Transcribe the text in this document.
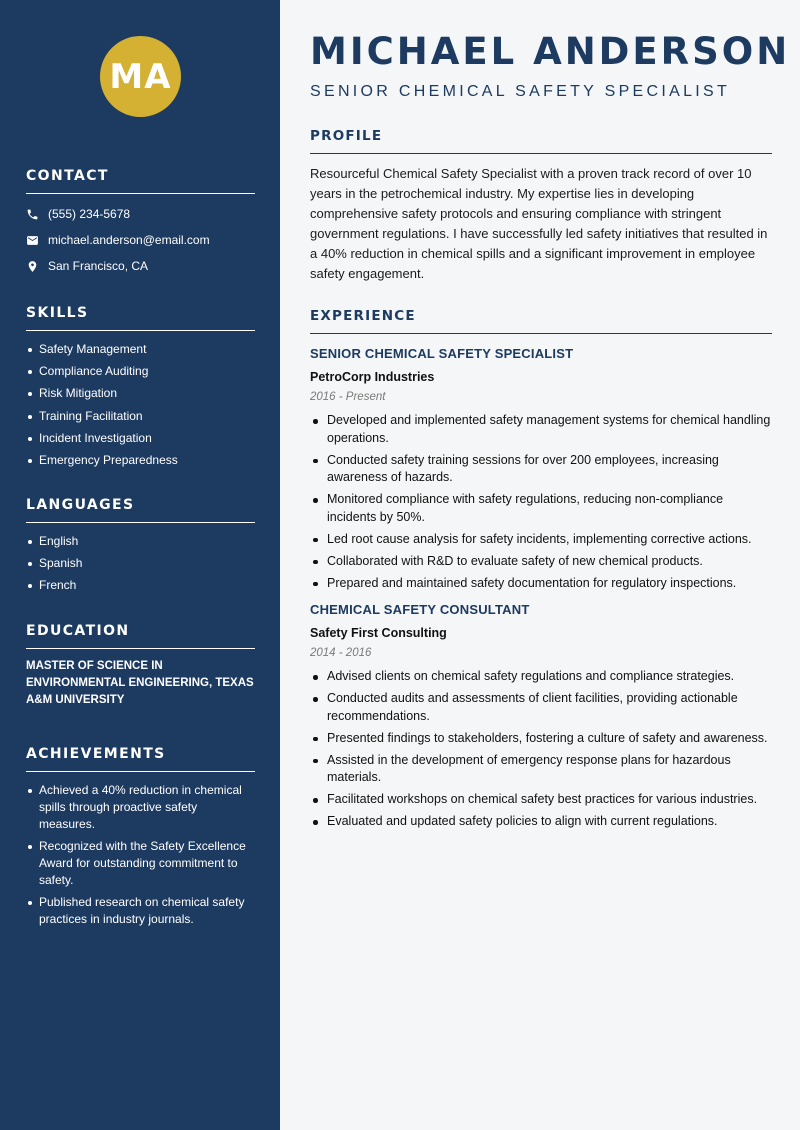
MA
CONTACT
(555) 234-5678
michael.anderson@email.com
San Francisco, CA
SKILLS
Safety Management
Compliance Auditing
Risk Mitigation
Training Facilitation
Incident Investigation
Emergency Preparedness
LANGUAGES
English
Spanish
French
EDUCATION
MASTER OF SCIENCE IN ENVIRONMENTAL ENGINEERING, TEXAS A&M UNIVERSITY
ACHIEVEMENTS
Achieved a 40% reduction in chemical spills through proactive safety measures.
Recognized with the Safety Excellence Award for outstanding commitment to safety.
Published research on chemical safety practices in industry journals.
MICHAEL ANDERSON
SENIOR CHEMICAL SAFETY SPECIALIST
PROFILE
Resourceful Chemical Safety Specialist with a proven track record of over 10 years in the petrochemical industry. My expertise lies in developing comprehensive safety protocols and ensuring compliance with stringent government regulations. I have successfully led safety initiatives that resulted in a 40% reduction in chemical spills and a significant improvement in employee safety engagement.
EXPERIENCE
SENIOR CHEMICAL SAFETY SPECIALIST
PetroCorp Industries
2016 - Present
Developed and implemented safety management systems for chemical handling operations.
Conducted safety training sessions for over 200 employees, increasing awareness of hazards.
Monitored compliance with safety regulations, reducing non-compliance incidents by 50%.
Led root cause analysis for safety incidents, implementing corrective actions.
Collaborated with R&D to evaluate safety of new chemical products.
Prepared and maintained safety documentation for regulatory inspections.
CHEMICAL SAFETY CONSULTANT
Safety First Consulting
2014 - 2016
Advised clients on chemical safety regulations and compliance strategies.
Conducted audits and assessments of client facilities, providing actionable recommendations.
Presented findings to stakeholders, fostering a culture of safety and awareness.
Assisted in the development of emergency response plans for hazardous materials.
Facilitated workshops on chemical safety best practices for various industries.
Evaluated and updated safety policies to align with current regulations.
